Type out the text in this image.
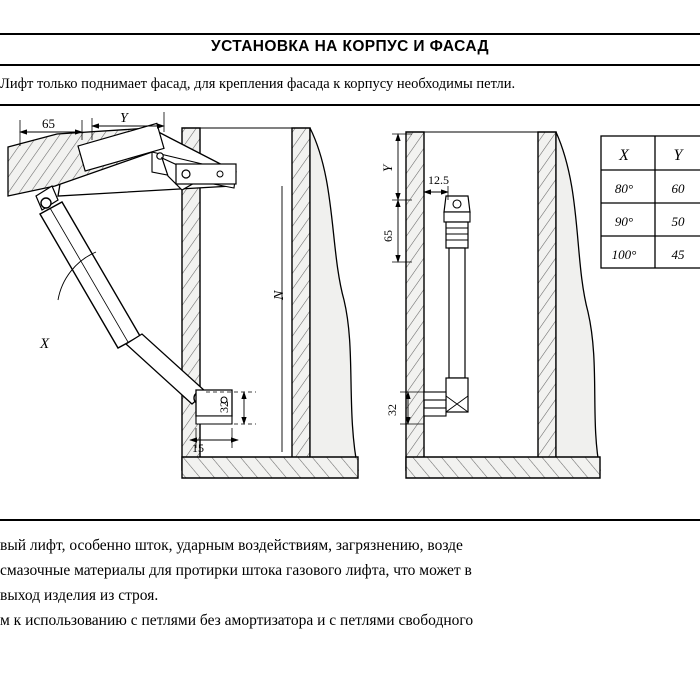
УСТАНОВКА НА КОРПУС И ФАСАД
Лифт только поднимает фасад, для крепления фасада к корпусу необходимы петли.
65	Y
X
N
32
15
Y
65
12.5
32
X	Y
80°	60
90°	50
100°	45
вый лифт, особенно шток, ударным воздействиям, загрязнению, возде
смазочные материалы для протирки штока газового лифта, что может в
выход изделия из строя.
м к использованию с петлями без амортизатора и с петлями свободного
